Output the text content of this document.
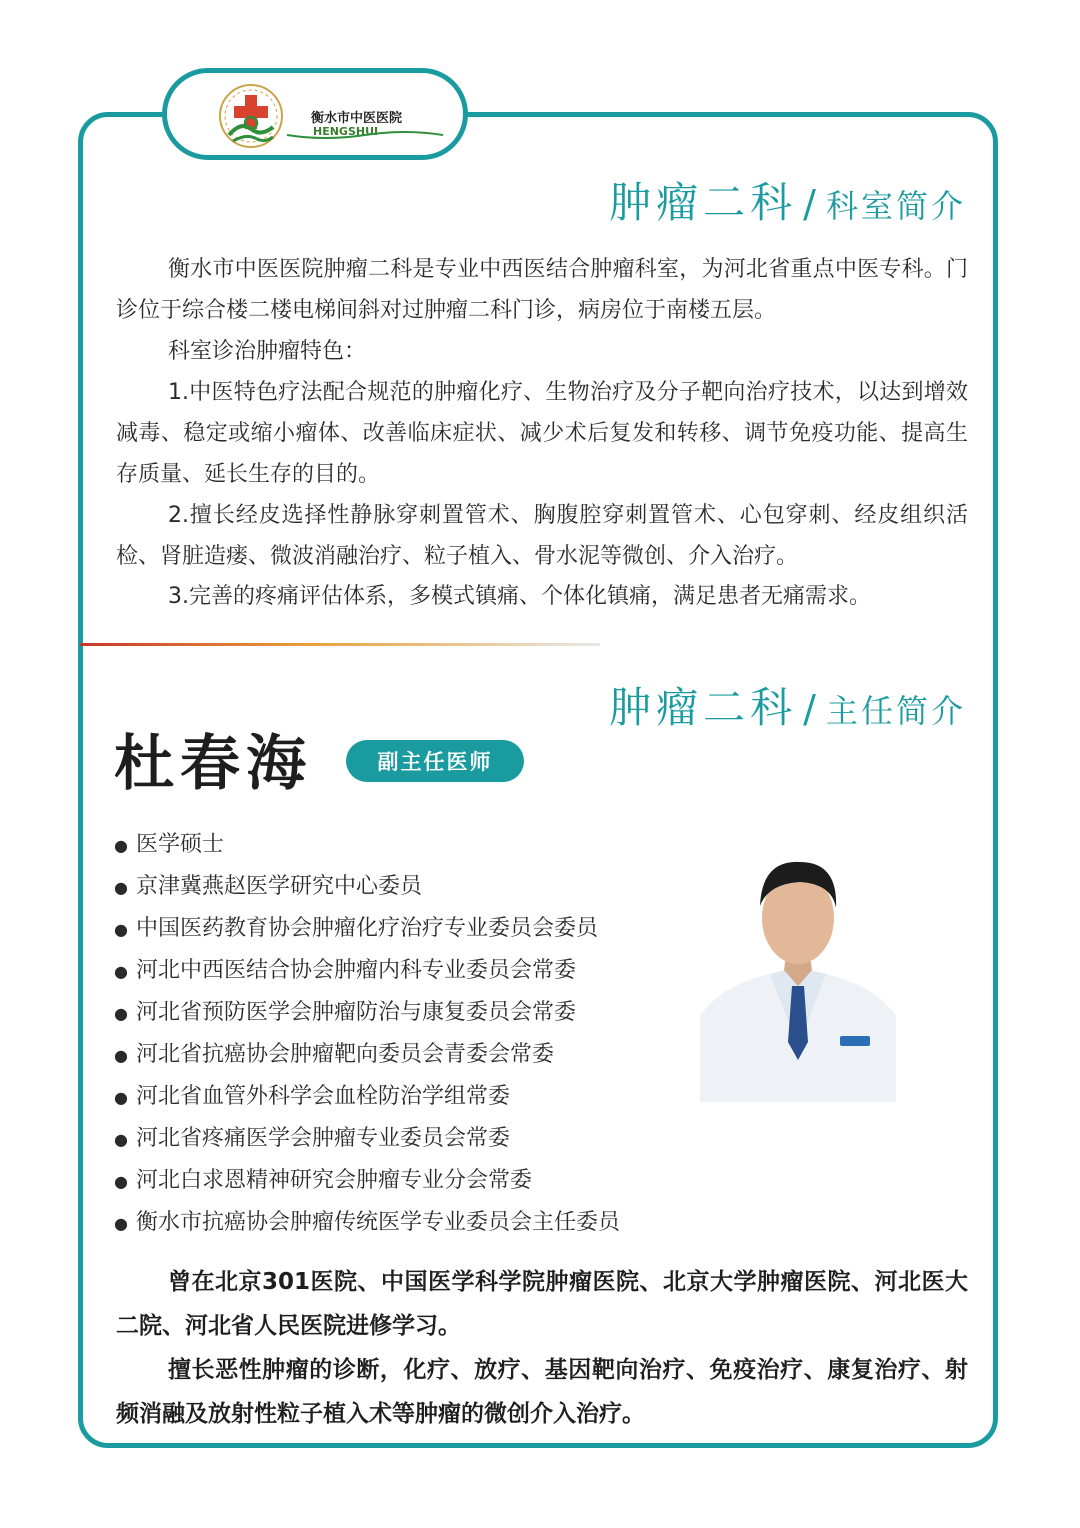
衡水市中医医院
HENGSHUI
肿瘤二科 / 科室简介

衡水市中医医院肿瘤二科是专业中西医结合肿瘤科室，为河北省重点中医专科。门诊位于综合楼二楼电梯间斜对过肿瘤二科门诊，病房位于南楼五层。

科室诊治肿瘤特色：

1.中医特色疗法配合规范的肿瘤化疗、生物治疗及分子靶向治疗技术，以达到增效减毒、稳定或缩小瘤体、改善临床症状、减少术后复发和转移、调节免疫功能、提高生存质量、延长生存的目的。

2.擅长经皮选择性静脉穿刺置管术、胸腹腔穿刺置管术、心包穿刺、经皮组织活检、肾脏造瘘、微波消融治疗、粒子植入、骨水泥等微创、介入治疗。

3.完善的疼痛评估体系，多模式镇痛、个体化镇痛，满足患者无痛需求。

肿瘤二科 / 主任简介
杜春海	副主任医师
● 医学硕士
● 京津冀燕赵医学研究中心委员
● 中国医药教育协会肿瘤化疗治疗专业委员会委员
● 河北中西医结合协会肿瘤内科专业委员会常委
● 河北省预防医学会肿瘤防治与康复委员会常委
● 河北省抗癌协会肿瘤靶向委员会青委会常委
● 河北省血管外科学会血栓防治学组常委
● 河北省疼痛医学会肿瘤专业委员会常委
● 河北白求恩精神研究会肿瘤专业分会常委
● 衡水市抗癌协会肿瘤传统医学专业委员会主任委员

曾在北京301医院、中国医学科学院肿瘤医院、北京大学肿瘤医院、河北医大二院、河北省人民医院进修学习。

擅长恶性肿瘤的诊断，化疗、放疗、基因靶向治疗、免疫治疗、康复治疗、射频消融及放射性粒子植入术等肿瘤的微创介入治疗。
